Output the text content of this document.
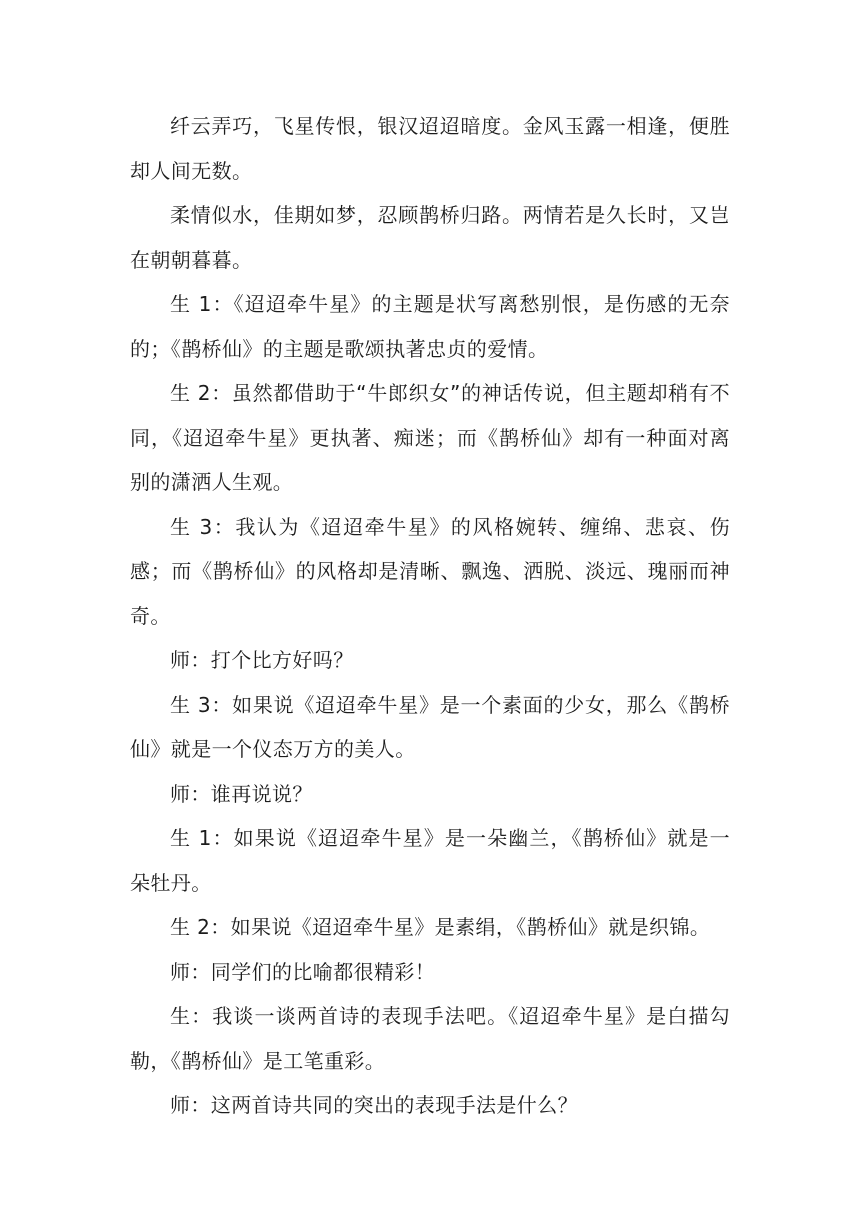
纤云弄巧，飞星传恨，银汉迢迢暗度。金风玉露一相逢，便胜却人间无数。

柔情似水，佳期如梦，忍顾鹊桥归路。两情若是久长时，又岂在朝朝暮暮。

生 1：《迢迢牵牛星》的主题是状写离愁别恨，是伤感的无奈的；《鹊桥仙》的主题是歌颂执著忠贞的爱情。

生 2：虽然都借助于“牛郎织女”的神话传说，但主题却稍有不同，《迢迢牵牛星》更执著、痴迷；而《鹊桥仙》却有一种面对离别的潇洒人生观。

生 3：我认为《迢迢牵牛星》的风格婉转、缠绵、悲哀、伤感；而《鹊桥仙》的风格却是清晰、飘逸、洒脱、淡远、瑰丽而神奇。

师：打个比方好吗？

生 3：如果说《迢迢牵牛星》是一个素面的少女，那么《鹊桥仙》就是一个仪态万方的美人。

师：谁再说说？

生 1：如果说《迢迢牵牛星》是一朵幽兰，《鹊桥仙》就是一朵牡丹。

生 2：如果说《迢迢牵牛星》是素绢，《鹊桥仙》就是织锦。

师：同学们的比喻都很精彩！

生：我谈一谈两首诗的表现手法吧。《迢迢牵牛星》是白描勾勒，《鹊桥仙》是工笔重彩。

师：这两首诗共同的突出的表现手法是什么？
